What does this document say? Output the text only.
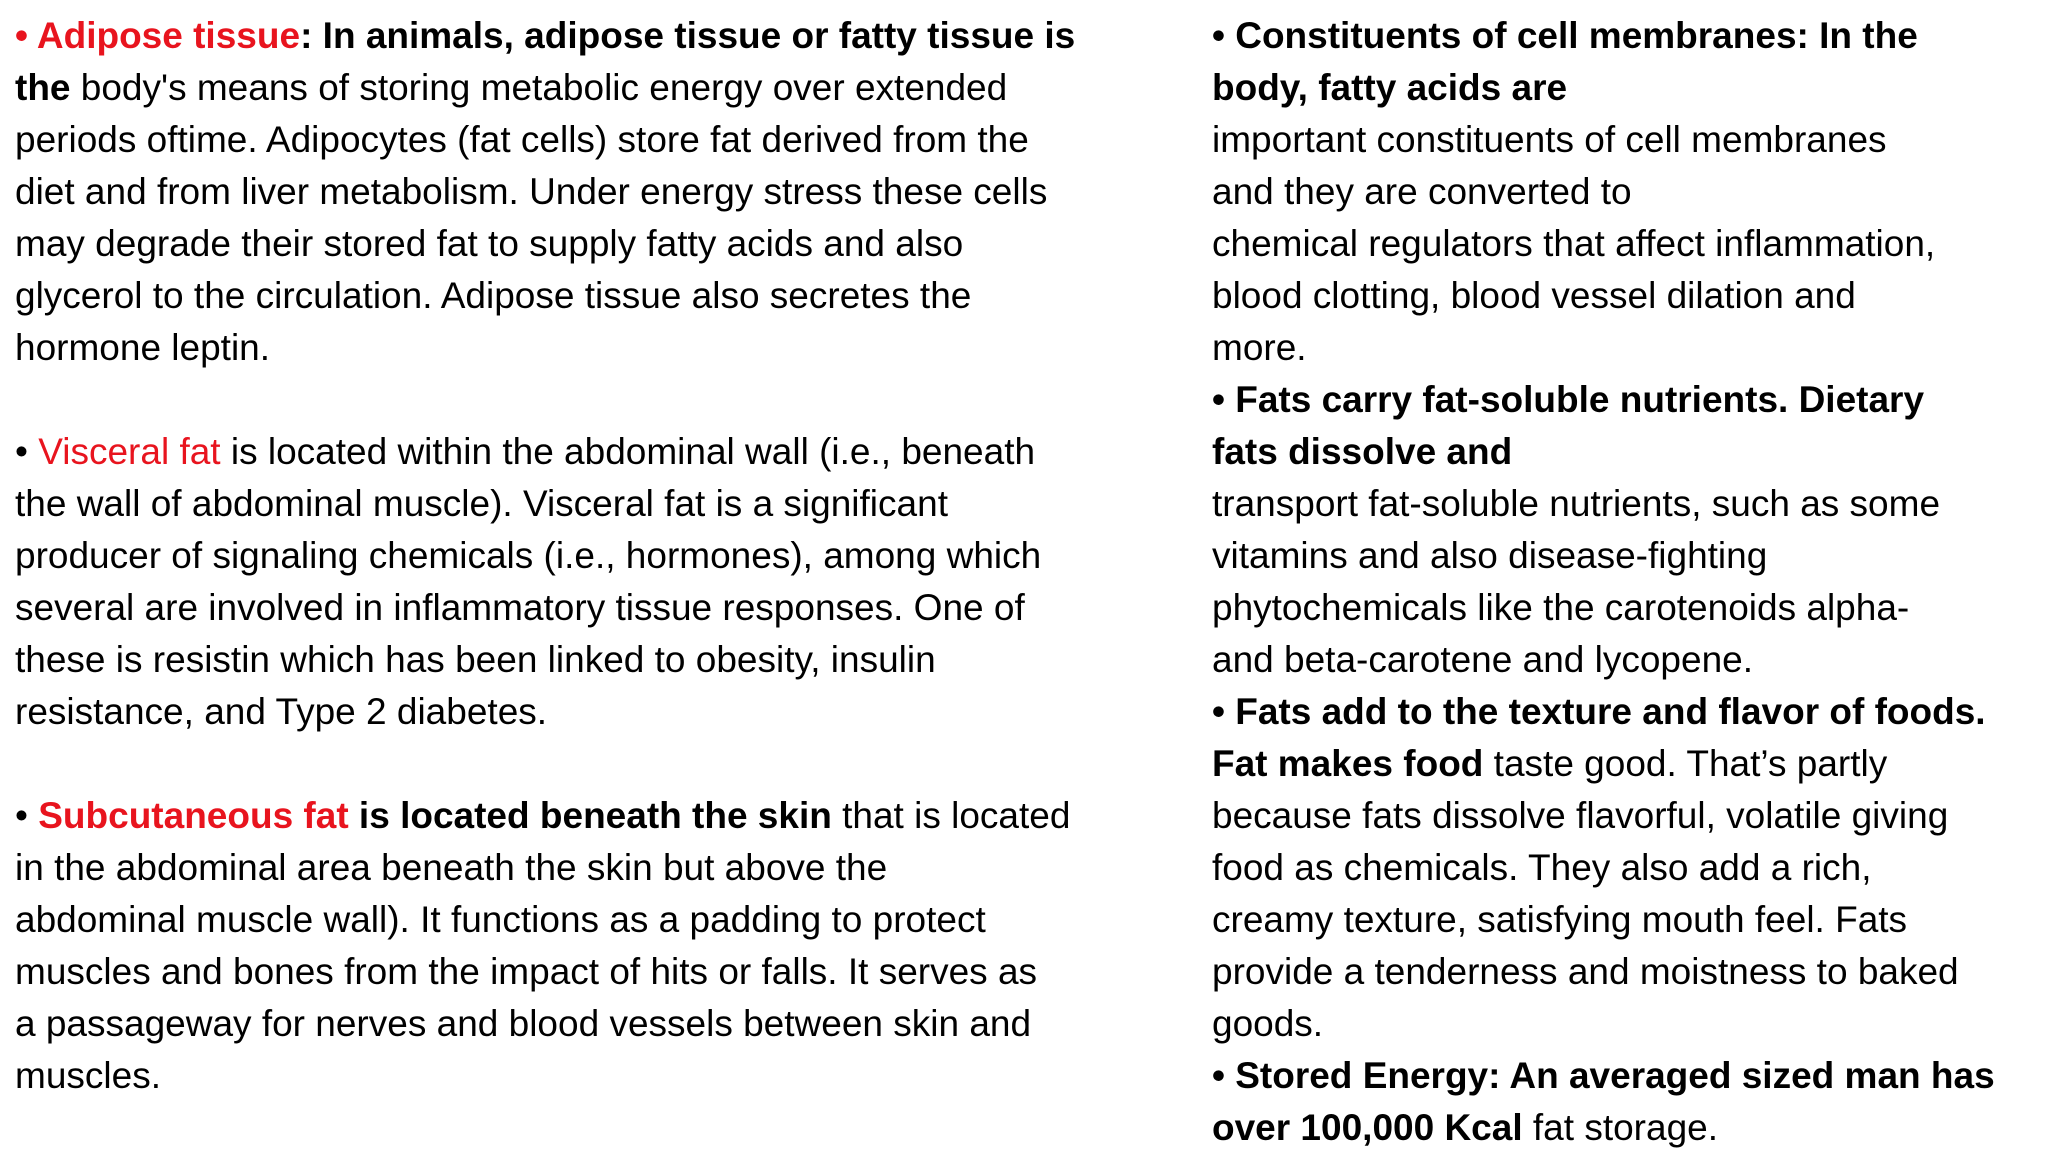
• Adipose tissue: In animals, adipose tissue or fatty tissue is
the body's means of storing metabolic energy over extended
periods oftime. Adipocytes (fat cells) store fat derived from the
diet and from liver metabolism. Under energy stress these cells
may degrade their stored fat to supply fatty acids and also
glycerol to the circulation. Adipose tissue also secretes the
hormone leptin.
• Visceral fat is located within the abdominal wall (i.e., beneath
the wall of abdominal muscle). Visceral fat is a significant
producer of signaling chemicals (i.e., hormones), among which
several are involved in inflammatory tissue responses. One of
these is resistin which has been linked to obesity, insulin
resistance, and Type 2 diabetes.
• Subcutaneous fat is located beneath the skin that is located
in the abdominal area beneath the skin but above the
abdominal muscle wall). It functions as a padding to protect
muscles and bones from the impact of hits or falls. It serves as
a passageway for nerves and blood vessels between skin and
muscles.
• Constituents of cell membranes: In the
body, fatty acids are
important constituents of cell membranes
and they are converted to
chemical regulators that affect inflammation,
blood clotting, blood vessel dilation and
more.
• Fats carry fat-soluble nutrients. Dietary
fats dissolve and
transport fat-soluble nutrients, such as some
vitamins and also disease-fighting
phytochemicals like the carotenoids alpha-
and beta-carotene and lycopene.
• Fats add to the texture and flavor of foods.
Fat makes food taste good. That’s partly
because fats dissolve flavorful, volatile giving
food as chemicals. They also add a rich,
creamy texture, satisfying mouth feel. Fats
provide a tenderness and moistness to baked
goods.
• Stored Energy: An averaged sized man has
over 100,000 Kcal fat storage.
